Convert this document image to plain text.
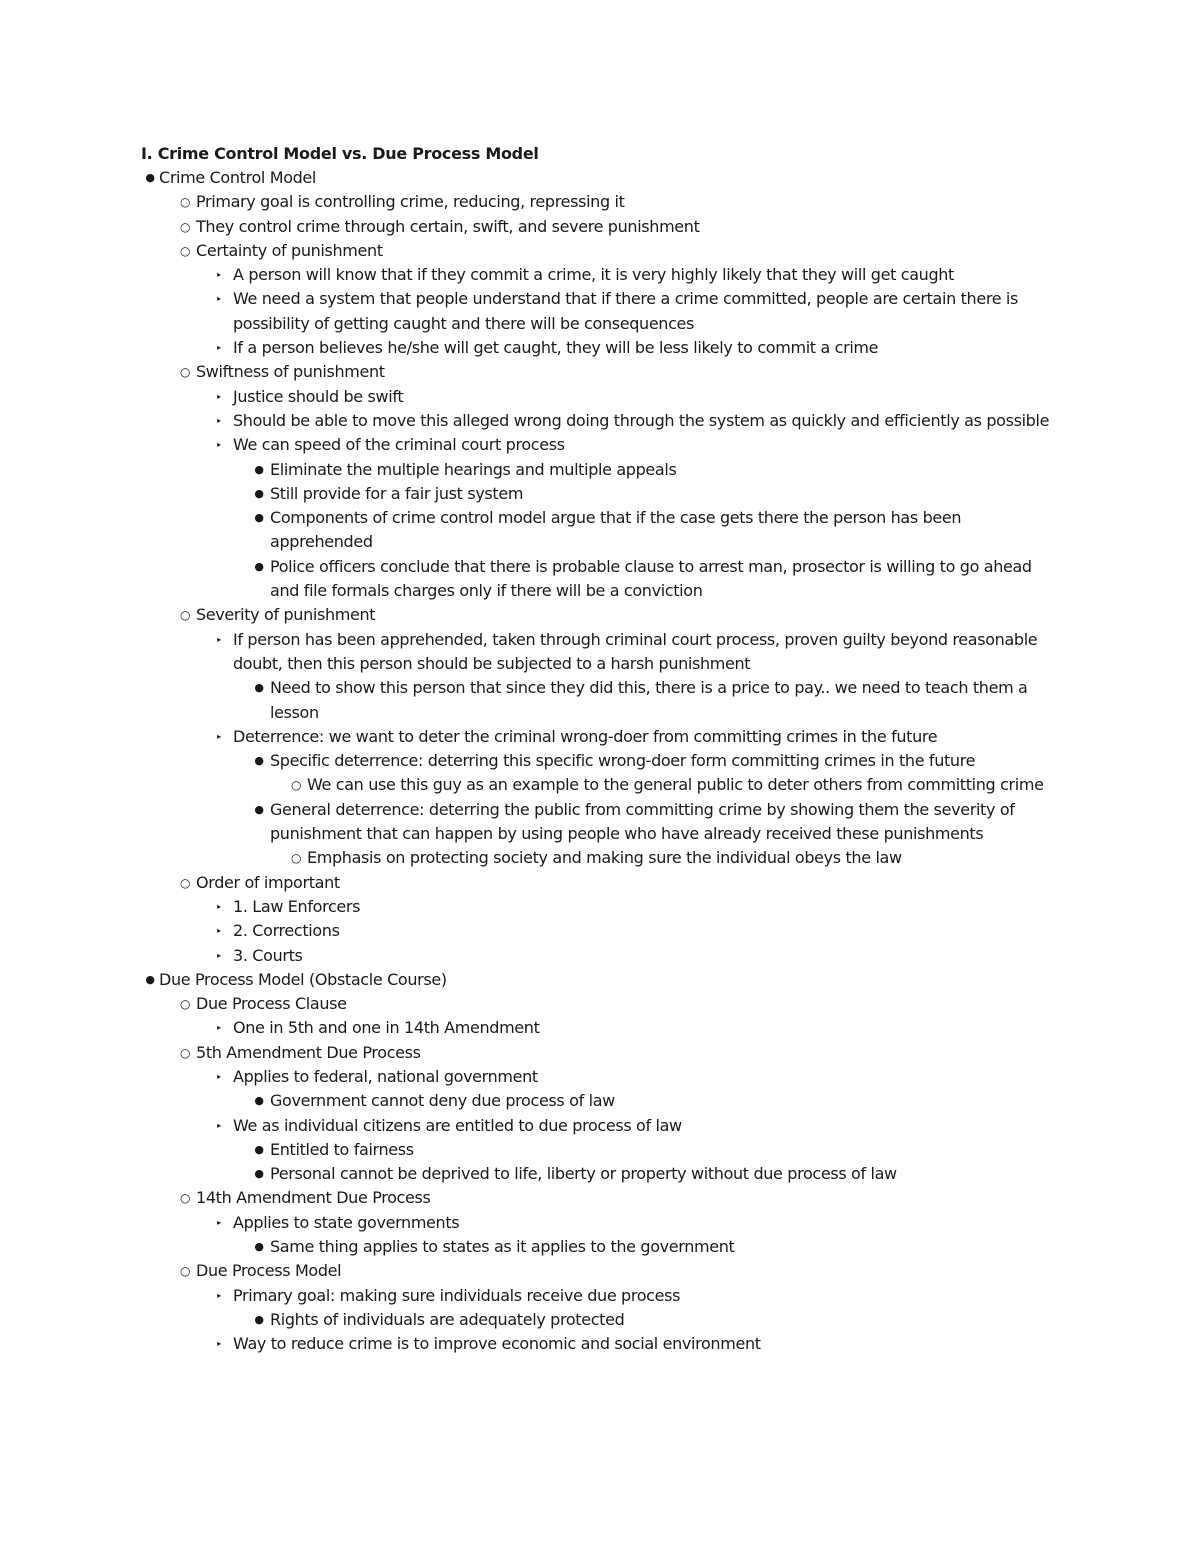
I. Crime Control Model vs. Due Process Model
● Crime Control Model
○ Primary goal is controlling crime, reducing, repressing it
○ They control crime through certain, swift, and severe punishment
○ Certainty of punishment
▸ A person will know that if they commit a crime, it is very highly likely that they will get caught
▸ We need a system that people understand that if there a crime committed, people are certain there is possibility of getting caught and there will be consequences
▸ If a person believes he/she will get caught, they will be less likely to commit a crime
○ Swiftness of punishment
▸ Justice should be swift
▸ Should be able to move this alleged wrong doing through the system as quickly and efficiently as possible
▸ We can speed of the criminal court process
● Eliminate the multiple hearings and multiple appeals
● Still provide for a fair just system
● Components of crime control model argue that if the case gets there the person has been apprehended
● Police officers conclude that there is probable clause to arrest man, prosector is willing to go ahead and file formals charges only if there will be a conviction
○ Severity of punishment
▸ If person has been apprehended, taken through criminal court process, proven guilty beyond reasonable doubt, then this person should be subjected to a harsh punishment
● Need to show this person that since they did this, there is a price to pay.. we need to teach them a lesson
▸ Deterrence: we want to deter the criminal wrong-doer from committing crimes in the future
● Specific deterrence: deterring this specific wrong-doer form committing crimes in the future
○ We can use this guy as an example to the general public to deter others from committing crime
● General deterrence: deterring the public from committing crime by showing them the severity of punishment that can happen by using people who have already received these punishments
○ Emphasis on protecting society and making sure the individual obeys the law
○ Order of important
▸ 1. Law Enforcers
▸ 2. Corrections
▸ 3. Courts
● Due Process Model (Obstacle Course)
○ Due Process Clause
▸ One in 5th and one in 14th Amendment
○ 5th Amendment Due Process
▸ Applies to federal, national government
● Government cannot deny due process of law
▸ We as individual citizens are entitled to due process of law
● Entitled to fairness
● Personal cannot be deprived to life, liberty or property without due process of law
○ 14th Amendment Due Process
▸ Applies to state governments
● Same thing applies to states as it applies to the government
○ Due Process Model
▸ Primary goal: making sure individuals receive due process
● Rights of individuals are adequately protected
▸ Way to reduce crime is to improve economic and social environment
